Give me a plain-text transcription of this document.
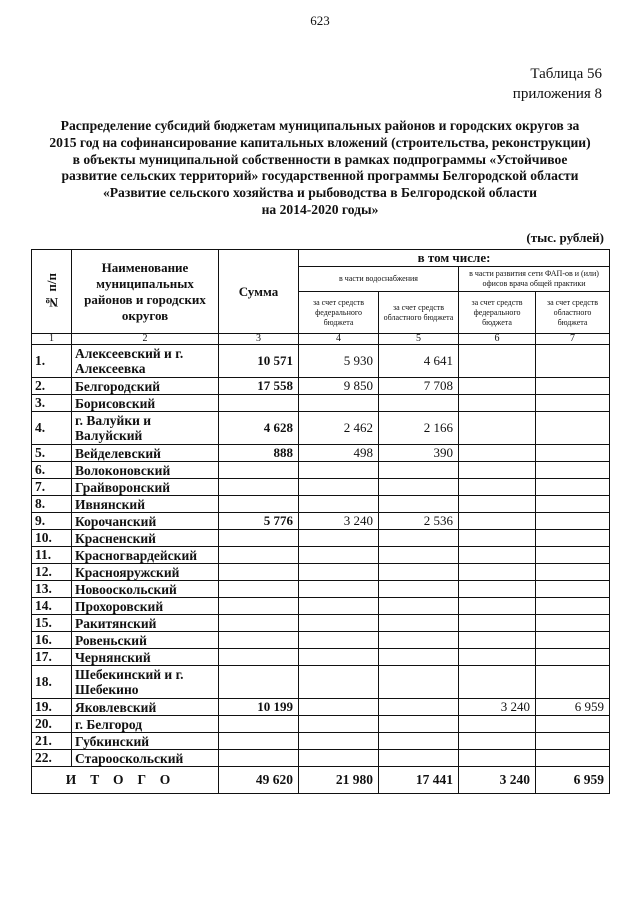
623
Таблица 56
приложения 8
Распределение субсидий бюджетам муниципальных районов и городских округов за
2015 год на софинансирование капитальных вложений (строительства, реконструкции)
в объекты муниципальной собственности в рамках подпрограммы «Устойчивое
развитие сельских территорий» государственной программы Белгородской области
«Развитие сельского хозяйства и рыбоводства в Белгородской области
на 2014-2020 годы»
(тыс. рублей)
№ п/п	Наименование муниципальных районов и городских округов	Сумма	в том числе:			
			в части водоснабжения		в части развития сети ФАП-ов и (или) офисов врача общей практики	
			за счет средств федерального бюджета	за счет средств областного бюджета	за счет средств федерального бюджета	за счет средств областного бюджета
1	2	3	4	5	6	7
1.	Алексеевский и г. Алексеевка	10 571	5 930	4 641		
2.	Белгородский	17 558	9 850	7 708		
3.	Борисовский					
4.	г. Валуйки и Валуйский	4 628	2 462	2 166		
5.	Вейделевский	888	498	390		
6.	Волоконовский					
7.	Грайворонский					
8.	Ивнянский					
9.	Корочанский	5 776	3 240	2 536		
10.	Красненский					
11.	Красногвардейский					
12.	Краснояружский					
13.	Новооскольский					
14.	Прохоровский					
15.	Ракитянский					
16.	Ровеньский					
17.	Чернянский					
18.	Шебекинский и г. Шебекино					
19.	Яковлевский	10 199			3 240	6 959
20.	г. Белгород					
21.	Губкинский					
22.	Старооскольский					
ИТОГО		49 620	21 980	17 441	3 240	6 959
